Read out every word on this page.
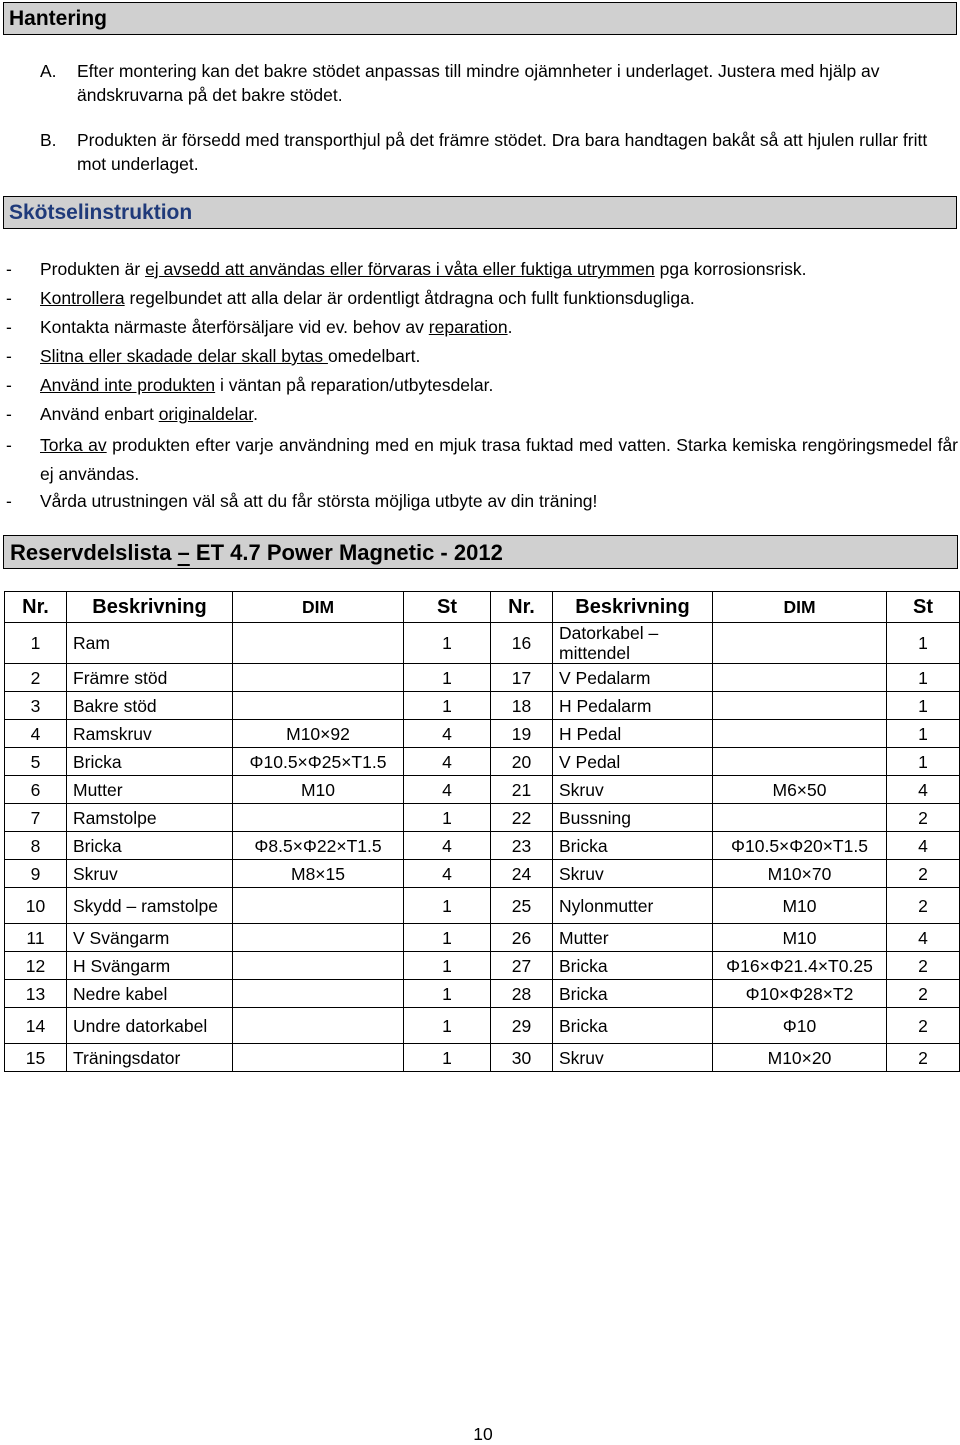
Hantering
A. Efter montering kan det bakre stödet anpassas till mindre ojämnheter i underlaget. Justera med hjälp av ändskruvarna på det bakre stödet.
B. Produkten är försedd med transporthjul på det främre stödet. Dra bara handtagen bakåt så att hjulen rullar fritt mot underlaget.
Skötselinstruktion
- Produkten är ej avsedd att användas eller förvaras i våta eller fuktiga utrymmen pga korrosionsrisk.
- Kontrollera regelbundet att alla delar är ordentligt åtdragna och fullt funktionsdugliga.
- Kontakta närmaste återförsäljare vid ev. behov av reparation.
- Slitna eller skadade delar skall bytas omedelbart.
- Använd inte produkten i väntan på reparation/utbytesdelar.
- Använd enbart originaldelar.
- Torka av produkten efter varje användning med en mjuk trasa fuktad med vatten. Starka kemiska rengöringsmedel får ej användas.
- Vårda utrustningen väl så att du får största möjliga utbyte av din träning!
Reservdelslista – ET 4.7 Power Magnetic - 2012
Nr.	Beskrivning	DIM	St	Nr.	Beskrivning	DIM	St
1	Ram		1	16	Datorkabel – mittendel		1
2	Främre stöd		1	17	V Pedalarm		1
3	Bakre stöd		1	18	H Pedalarm		1
4	Ramskruv	M10×92	4	19	H Pedal		1
5	Bricka	Φ10.5×Φ25×T1.5	4	20	V Pedal		1
6	Mutter	M10	4	21	Skruv	M6×50	4
7	Ramstolpe		1	22	Bussning		2
8	Bricka	Φ8.5×Φ22×T1.5	4	23	Bricka	Φ10.5×Φ20×T1.5	4
9	Skruv	M8×15	4	24	Skruv	M10×70	2
10	Skydd – ramstolpe		1	25	Nylonmutter	M10	2
11	V Svängarm		1	26	Mutter	M10	4
12	H Svängarm		1	27	Bricka	Φ16×Φ21.4×T0.25	2
13	Nedre kabel		1	28	Bricka	Φ10×Φ28×T2	2
14	Undre datorkabel		1	29	Bricka	Φ10	2
15	Träningsdator		1	30	Skruv	M10×20	2
10
